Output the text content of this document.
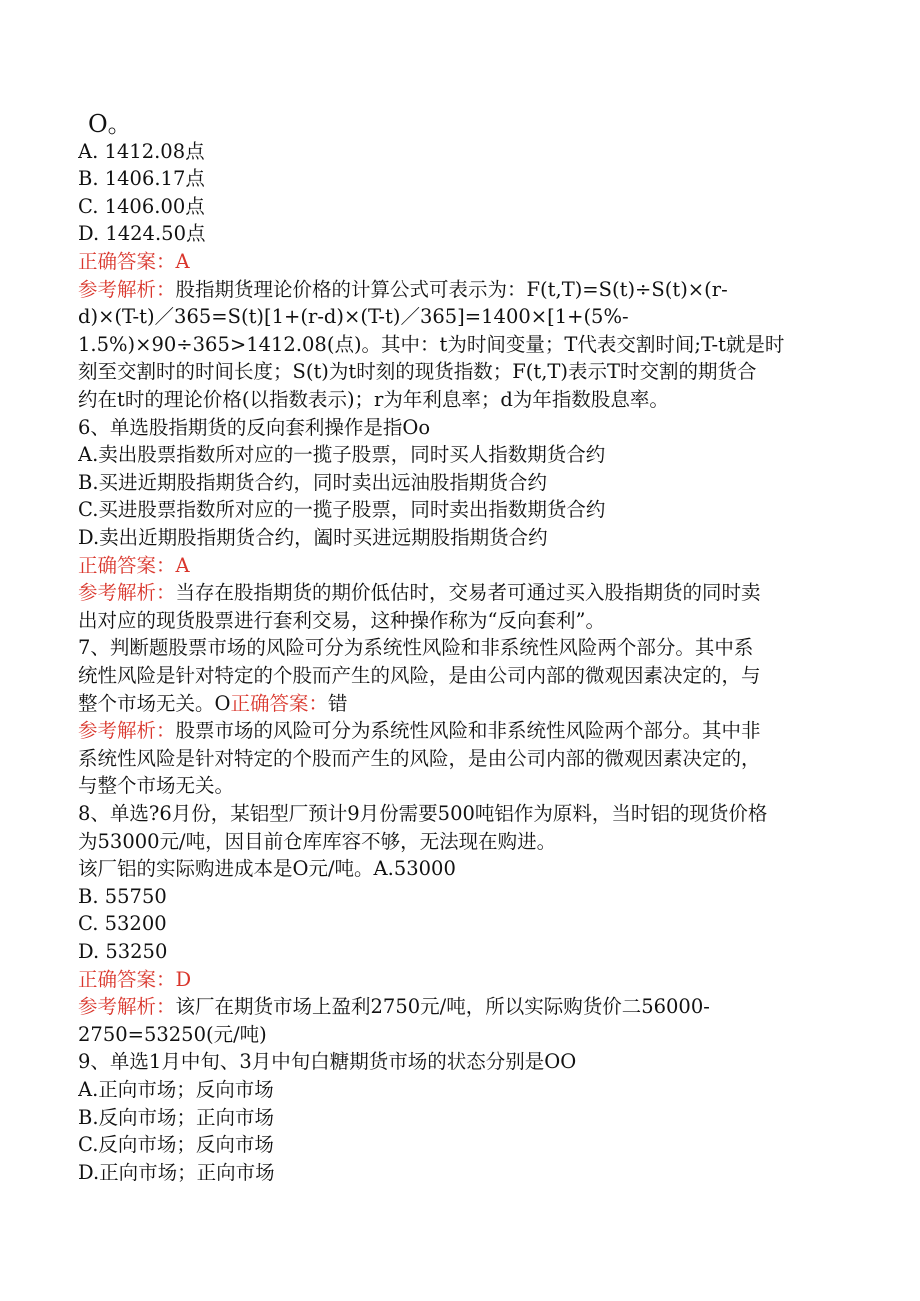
O。
A. 1412.08点
B. 1406.17点
C. 1406.00点
D. 1424.50点
正确答案：A
参考解析：股指期货理论价格的计算公式可表示为：F(t,T)=S(t)÷S(t)×(r-
d)×(T-t)／365=S(t)[1+(r-d)×(T-t)／365]=1400×[1+(5%-
1.5%)×90÷365>1412.08(点)。其中：t为时间变量；T代表交割时间;T-t就是时
刻至交割时的时间长度；S(t)为t时刻的现货指数；F(t,T)表示T时交割的期货合
约在t时的理论价格(以指数表示)；r为年利息率；d为年指数股息率。
6、单选股指期货的反向套利操作是指Oo
A.卖出股票指数所对应的一揽子股票，同时买人指数期货合约
B.买进近期股指期货合约，同时卖出远油股指期货合约
C.买进股票指数所对应的一揽子股票，同时卖出指数期货合约
D.卖出近期股指期货合约，阖时买进远期股指期货合约
正确答案：A
参考解析：当存在股指期货的期价低估时，交易者可通过买入股指期货的同时卖
出对应的现货股票进行套利交易，这种操作称为“反向套利”。
7、判断题股票市场的风险可分为系统性风险和非系统性风险两个部分。其中系
统性风险是针对特定的个股而产生的风险，是由公司内部的微观因素决定的，与
整个市场无关。O正确答案：错
参考解析：股票市场的风险可分为系统性风险和非系统性风险两个部分。其中非
系统性风险是针对特定的个股而产生的风险，是由公司内部的微观因素决定的，
与整个市场无关。
8、单选?6月份，某铝型厂预计9月份需要500吨铝作为原料，当时铝的现货价格
为53000元/吨，因目前仓库库容不够，无法现在购进。
该厂铝的实际购进成本是O元/吨。A.53000
B. 55750
C. 53200
D. 53250
正确答案：D
参考解析：该厂在期货市场上盈利2750元/吨，所以实际购货价二56000-
2750=53250(元/吨)
9、单选1月中旬、3月中旬白糖期货市场的状态分别是OO
A.正向市场；反向市场
B.反向市场；正向市场
C.反向市场；反向市场
D.正向市场；正向市场
